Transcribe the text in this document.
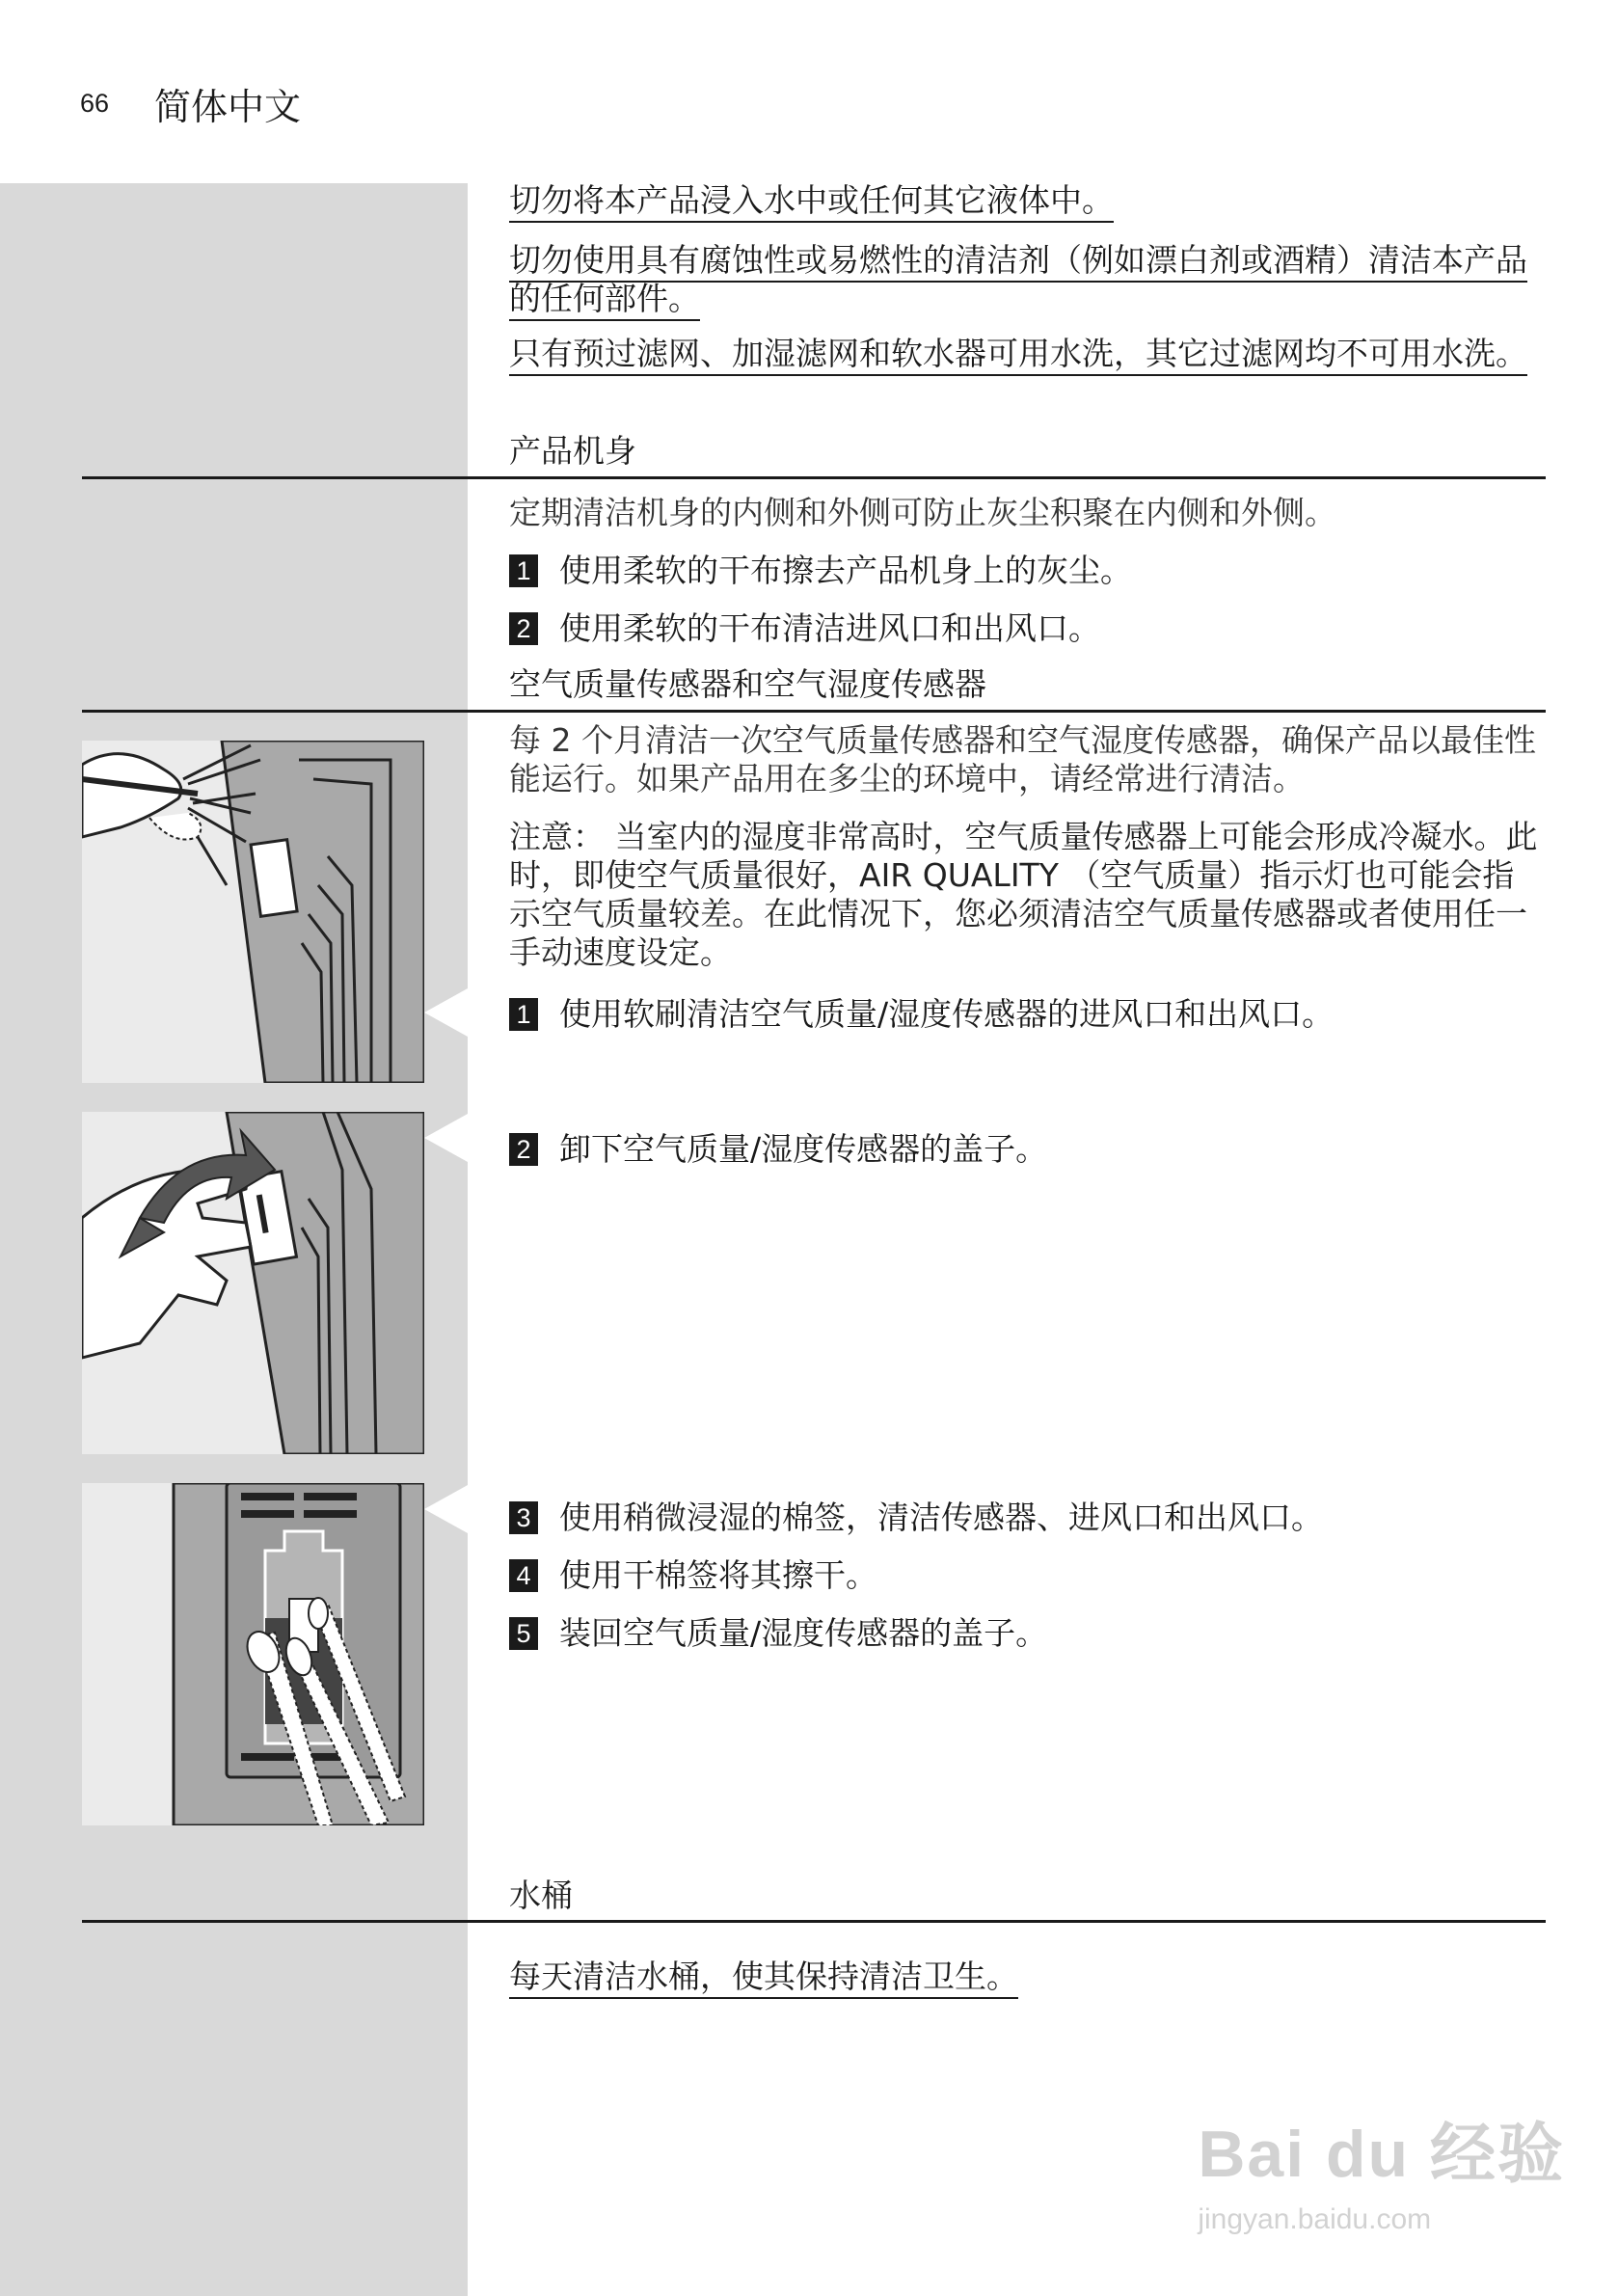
66 简体中文
切勿将本产品浸入水中或任何其它液体中。
切勿使用具有腐蚀性或易燃性的清洁剂（例如漂白剂或酒精）清洁本产品的任何部件。
只有预过滤网、加湿滤网和软水器可用水洗，其它过滤网均不可用水洗。
产品机身
定期清洁机身的内侧和外侧可防止灰尘积聚在内侧和外侧。
1 使用柔软的干布擦去产品机身上的灰尘。
2 使用柔软的干布清洁进风口和出风口。
空气质量传感器和空气湿度传感器
每 2 个月清洁一次空气质量传感器和空气湿度传感器，确保产品以最佳性能运行。如果产品用在多尘的环境中，请经常进行清洁。
注意： 当室内的湿度非常高时，空气质量传感器上可能会形成冷凝水。此时，即使空气质量很好，AIR QUALITY （空气质量）指示灯也可能会指示空气质量较差。在此情况下，您必须清洁空气质量传感器或者使用任一手动速度设定。
1 使用软刷清洁空气质量/湿度传感器的进风口和出风口。
2 卸下空气质量/湿度传感器的盖子。
3 使用稍微浸湿的棉签，清洁传感器、进风口和出风口。
4 使用干棉签将其擦干。
5 装回空气质量/湿度传感器的盖子。
水桶
每天清洁水桶，使其保持清洁卫生。
Bai du 经验
jingyan.baidu.com
